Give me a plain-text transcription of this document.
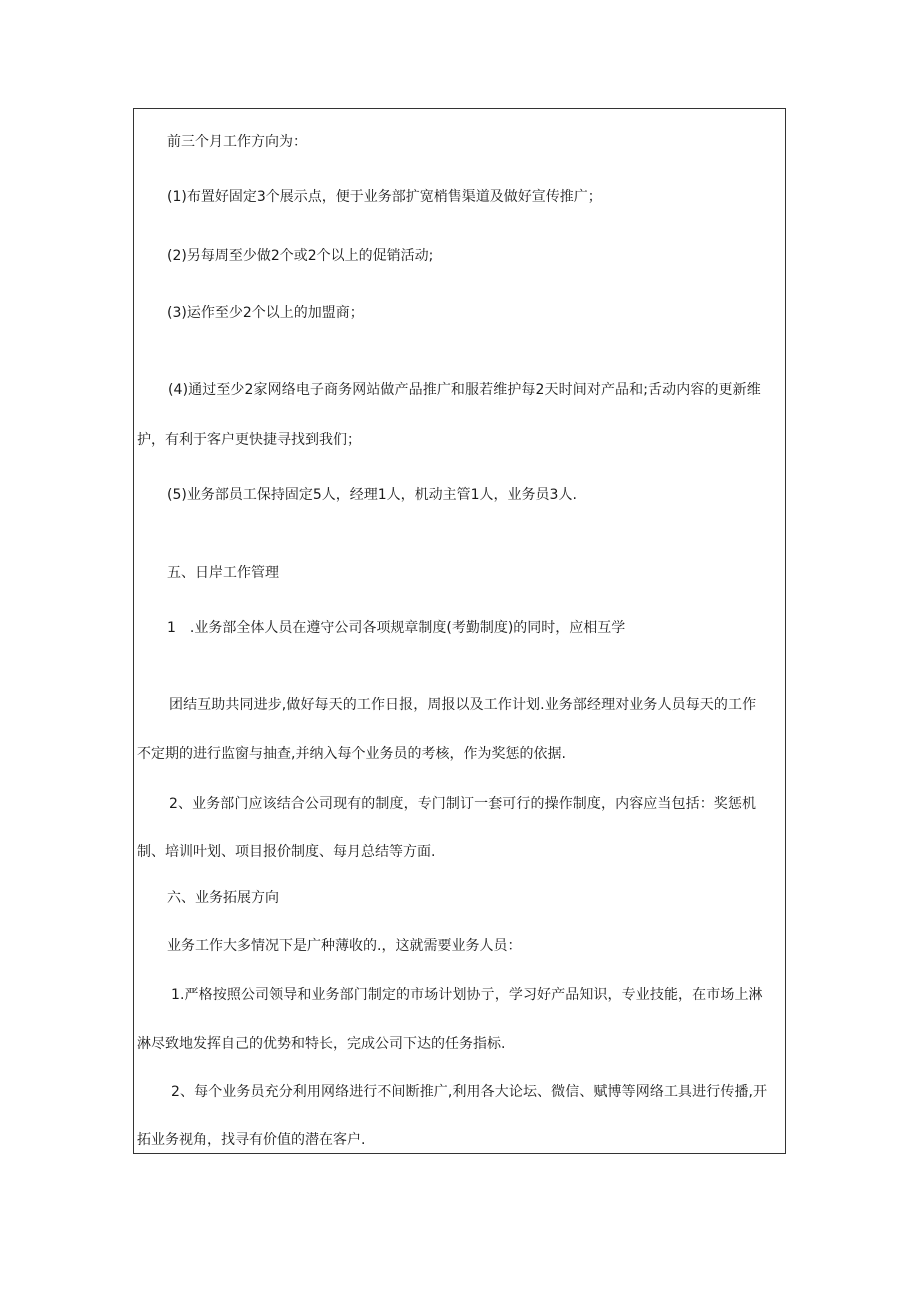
前三个月工作方向为：
(1)布置好固定3个展示点，便于业务部扩宽梢售渠道及做好宣传推广；
(2)另每周至少做2个或2个以上的促销活动;
(3)运作至少2个以上的加盟商；
(4)通过至少2家网络电子商务网站做产品推广和服若维护每2天时间对产品和;舌动内容的更新维
护，有利于客户更快捷寻找到我们；
(5)业务部员工保持固定5人，经理1人，机动主管1人，业务员3人.
五、日岸工作管理
1　.业务部全体人员在遵守公司各项规章制度(考勤制度)的同时，应相互学
团结互助共同进步,做好每天的工作日报，周报以及工作计划.业务部经理对业务人员每天的工作
不定期的进行监窗与抽查,并纳入每个业务员的考核，作为奖惩的依据.
2、业务部门应该结合公司现有的制度，专门制订一套可行的操作制度，内容应当包括：奖惩机
制、培训叶划、项目报价制度、每月总结等方面.
六、业务拓展方向
业务工作大多情况下是广种薄收的.，这就需要业务人员：
1.严格按照公司领导和业务部门制定的市场计划协亍，学习好产品知识，专业技能，在市场上淋
淋尽致地发挥自己的优势和特长，完成公司下达的任务指标.
2、每个业务员充分利用网络进行不间断推广,利用各大论坛、微信、赋博等网络工具进行传播,开
拓业务视角，找寻有价值的潜在客户.
